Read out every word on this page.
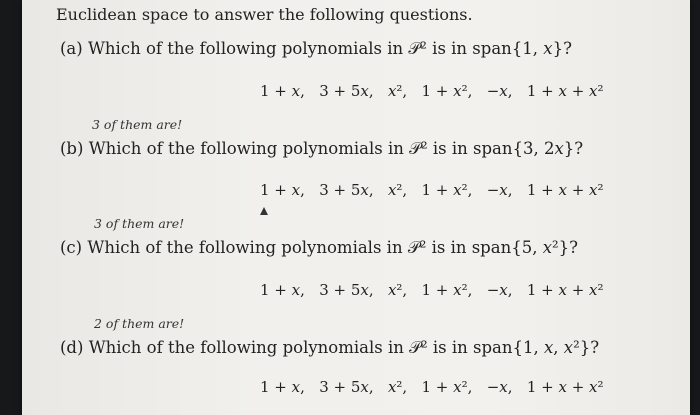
Euclidean space to answer the following questions.
(a) Which of the following polynomials in 𝒫² is in span{1, 𝑥}?
1 + 𝑥, 3 + 5𝑥, 𝑥², 1 + 𝑥², −𝑥, 1 + 𝑥 + 𝑥²
3 of them are!
(b) Which of the following polynomials in 𝒫² is in span{3, 2𝑥}?
1 + 𝑥, 3 + 5𝑥, 𝑥², 1 + 𝑥², −𝑥, 1 + 𝑥 + 𝑥²
3 of them are!
(c) Which of the following polynomials in 𝒫² is in span{5, 𝑥²}?
1 + 𝑥, 3 + 5𝑥, 𝑥², 1 + 𝑥², −𝑥, 1 + 𝑥 + 𝑥²
2 of them are!
(d) Which of the following polynomials in 𝒫² is in span{1, 𝑥, 𝑥²}?
1 + 𝑥, 3 + 5𝑥, 𝑥², 1 + 𝑥², −𝑥, 1 + 𝑥 + 𝑥²
